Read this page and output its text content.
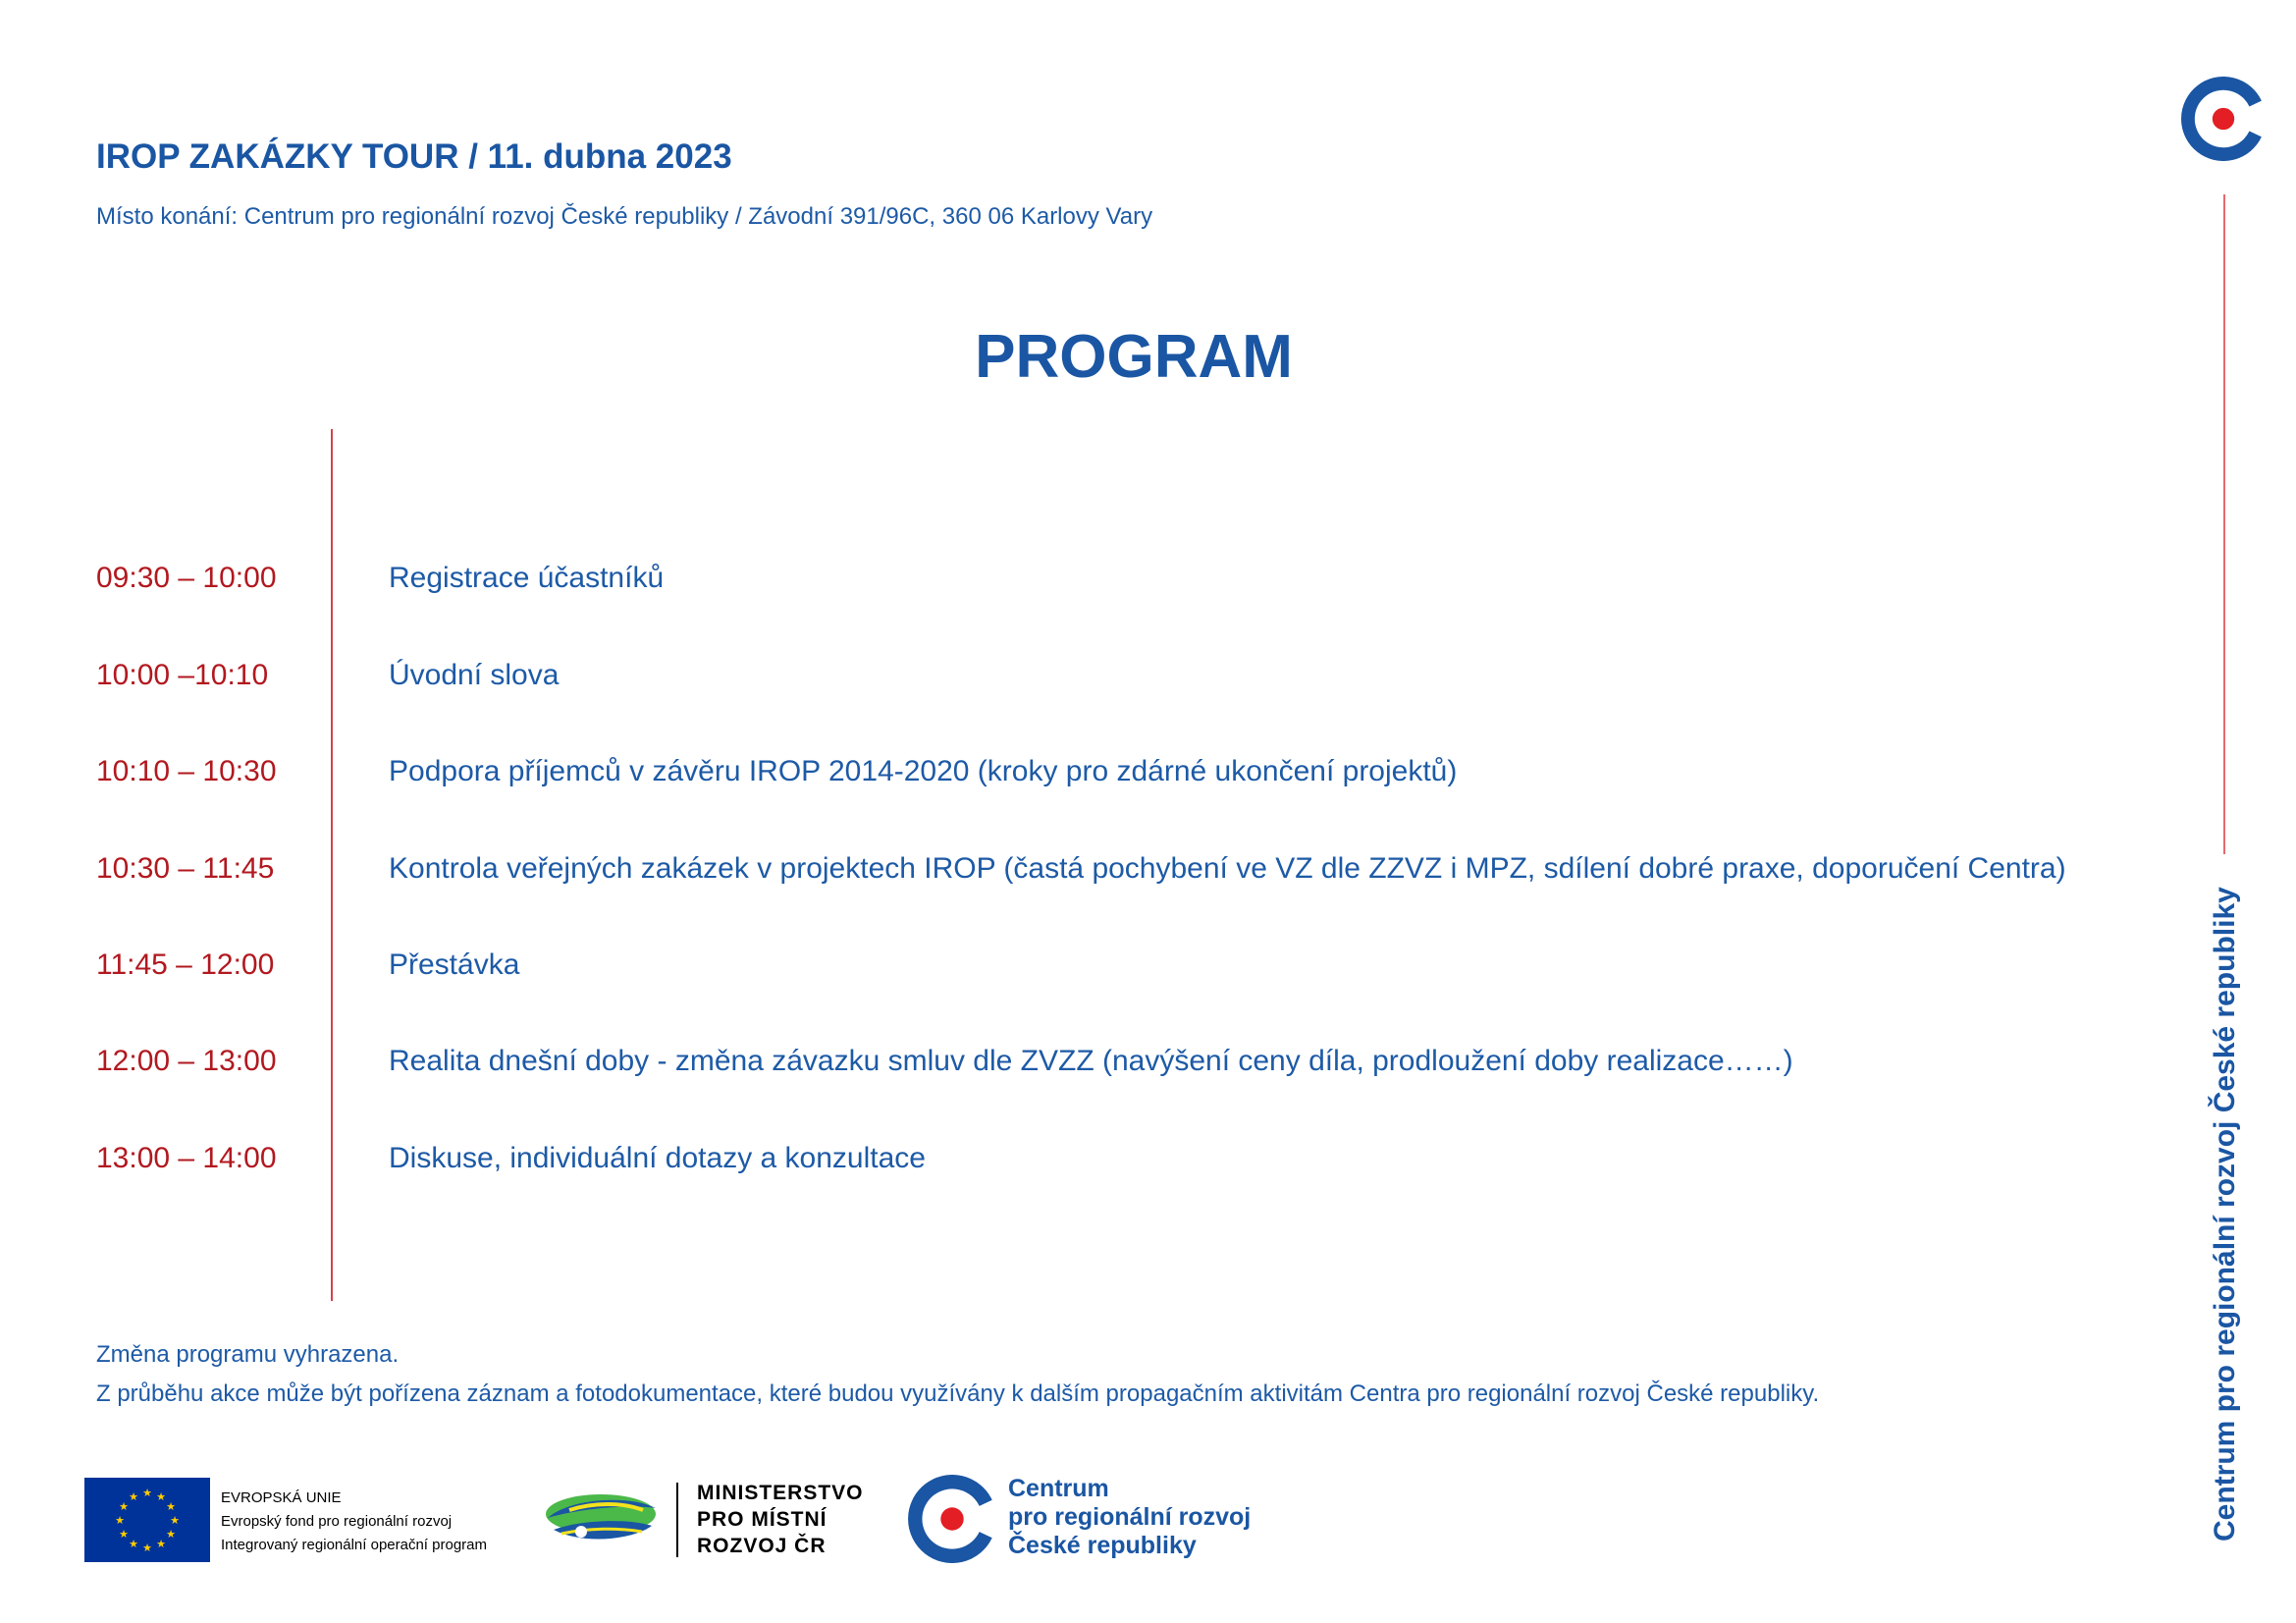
IROP ZAKÁZKY TOUR / 11. dubna 2023
Místo konání: Centrum pro regionální rozvoj České republiky / Závodní 391/96C, 360 06 Karlovy Vary
PROGRAM
09:30 – 10:00	Registrace účastníků
10:00 –10:10	Úvodní slova
10:10 – 10:30	Podpora příjemců v závěru IROP 2014-2020 (kroky pro zdárné ukončení projektů)
10:30 – 11:45	Kontrola veřejných zakázek v projektech IROP (častá pochybení ve VZ dle ZZVZ i MPZ, sdílení dobré praxe, doporučení Centra)
11:45 – 12:00	Přestávka
12:00 – 13:00	Realita dnešní doby - změna závazku smluv dle ZVZZ (navýšení ceny díla, prodloužení doby realizace……)
13:00 – 14:00	Diskuse, individuální dotazy a konzultace
Změna programu vyhrazena.
Z průběhu akce může být pořízena záznam a fotodokumentace, které budou využívány k dalším propagačním aktivitám Centra pro regionální rozvoj České republiky.	Centrum pro regionální rozvoj České republiky
★ ★
★
★
★
★
★
★
★
★
★
★	EVROPSKÁ UNIE
Evropský fond pro regionální rozvoj
Integrovaný regionální operační program
MINISTERSTVO
PRO MÍSTNÍ
ROZVOJ ČR
Centrum
pro regionální rozvoj
České republiky
